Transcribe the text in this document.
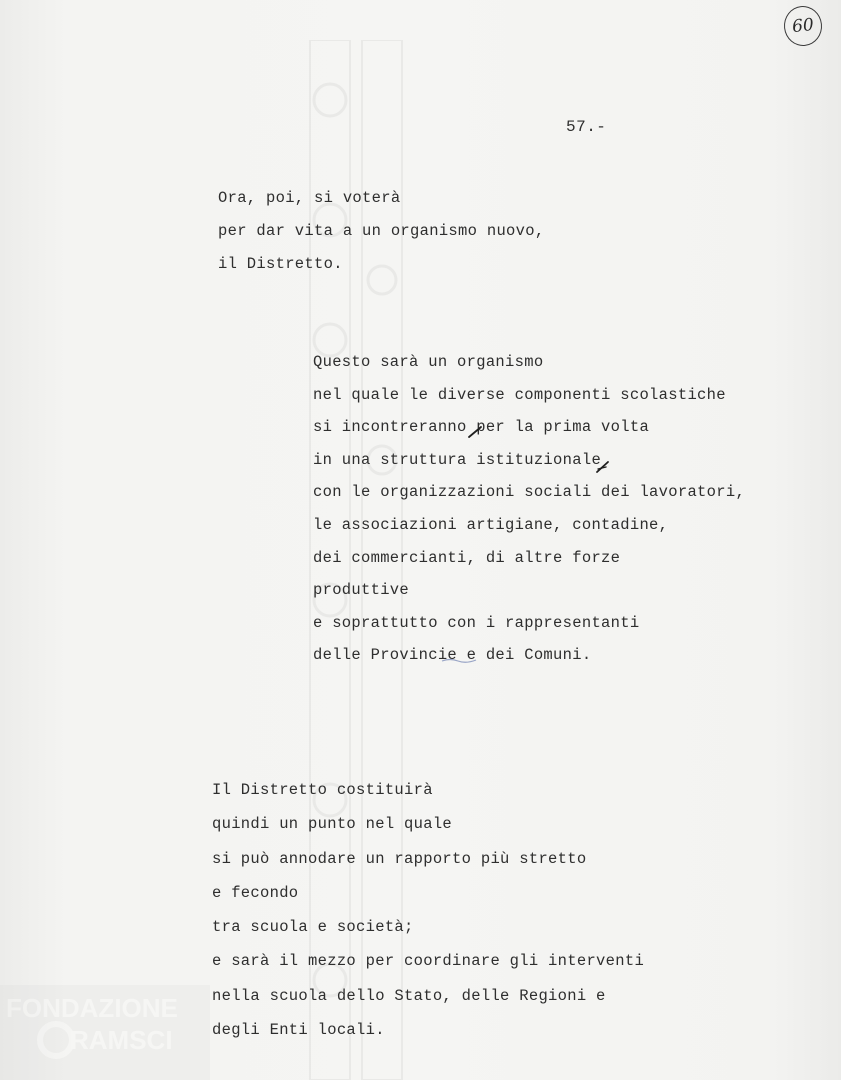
FONDAZIONE
RAMSCI
60
57.-
Ora, poi, si voterà
per dar vita a un organismo nuovo,
il Distretto.
Questo sarà un organismo
nel quale le diverse componenti scolastiche
si incontreranno per la prima volta
in una struttura istituzionale
con le organizzazioni sociali dei lavoratori,
le associazioni artigiane, contadine,
dei commercianti, di altre forze
produttive
e soprattutto con i rappresentanti
delle Provincie e dei Comuni.
Il Distretto costituirà
quindi un punto nel quale
si può annodare un rapporto più stretto
e fecondo
tra scuola e società;
e sarà il mezzo per coordinare gli interventi
nella scuola dello Stato, delle Regioni e
degli Enti locali.
